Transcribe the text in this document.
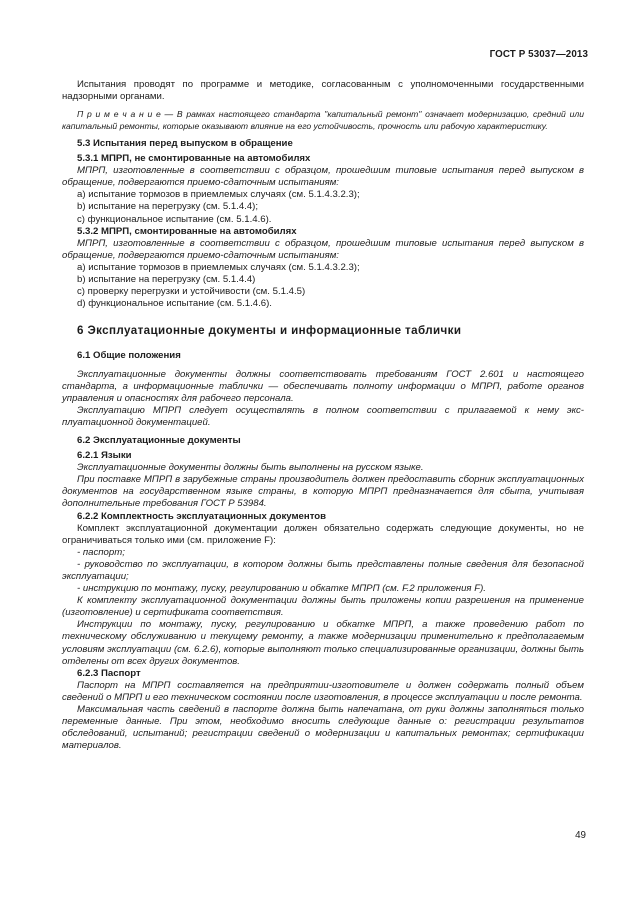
ГОСТ Р 53037—2013

Испытания проводят по программе и методике, согласованным с уполномоченными государственными надзорными органами.

П р и м е ч а н и е — В рамках настоящего стандарта "капитальный ремонт" означает модернизацию, средний или капитальный ремонты, которые оказывают влияние на его устойчивость, прочность или рабочую характеристику.

5.3 Испытания перед выпуском в обращение
5.3.1 МПРП, не смонтированные на автомобилях

МПРП, изготовленные в соответствии с образцом, прошедшим типовые испытания перед выпуском в обращение, подвергаются приемо-сдаточным испытаниям:

а) испытание тормозов в приемлемых случаях (см. 5.1.4.3.2.3);
b) испытание на перегрузку (см. 5.1.4.4);
с) функциональное испытание (см. 5.1.4.6).
5.3.2 МПРП, смонтированные на автомобилях

МПРП, изготовленные в соответствии с образцом, прошедшим типовые испытания перед выпуском в обращение, подвергаются приемо-сдаточным испытаниям:

а) испытание тормозов в приемлемых случаях (см. 5.1.4.3.2.3);
b) испытание на перегрузку (см. 5.1.4.4)
с) проверку перегрузки и устойчивости (см. 5.1.4.5)
d) функциональное испытание (см. 5.1.4.6).
6 Эксплуатационные документы и информационные таблички
6.1 Общие положения

Эксплуатационные документы должны соответствовать требованиям ГОСТ 2.601 и настоящего стандарта, а информационные таблички — обеспечивать полноту информации о МПРП, работе органов управления и опасностях для рабочего персонала.

Эксплуатацию МПРП следует осуществлять в полном соответствии с прилагаемой к нему эксплуатационной документацией.

6.2 Эксплуатационные документы
6.2.1 Языки

Эксплуатационные документы должны быть выполнены на русском языке.

При поставке МПРП в зарубежные страны производитель должен предоставить сборник эксплуатационных документов на государственном языке страны, в которую МПРП предназначается для сбыта, учитывая дополнительные требования ГОСТ Р 53984.

6.2.2 Комплектность эксплуатационных документов

Комплект эксплуатационной документации должен обязательно содержать следующие документы, но не ограничиваться только ими (см. приложение F):

- паспорт;

- руководство по эксплуатации, в котором должны быть представлены полные сведения для безопасной эксплуатации;

- инструкцию по монтажу, пуску, регулированию и обкатке МПРП (см. F.2 приложения F).

К комплекту эксплуатационной документации должны быть приложены копии разрешения на применение (изготовление) и сертификата соответствия.

Инструкции по монтажу, пуску, регулированию и обкатке МПРП, а также проведению работ по техническому обслуживанию и текущему ремонту, а также модернизации применительно к предполагаемым условиям эксплуатации (см. 6.2.6), которые выполняют только специализированные организации, должны быть отделены от всех других документов.

6.2.3 Паспорт

Паспорт на МПРП составляется на предприятии-изготовителе и должен содержать полный объем сведений о МПРП и его техническом состоянии после изготовления, в процессе эксплуатации и после ремонта.

Максимальная часть сведений в паспорте должна быть напечатана, от руки должны заполняться только переменные данные. При этом, необходимо вносить следующие данные о: регистрации результатов обследований, испытаний; регистрации сведений о модернизации и капитальных ремонтах; сертификации материалов.

49
